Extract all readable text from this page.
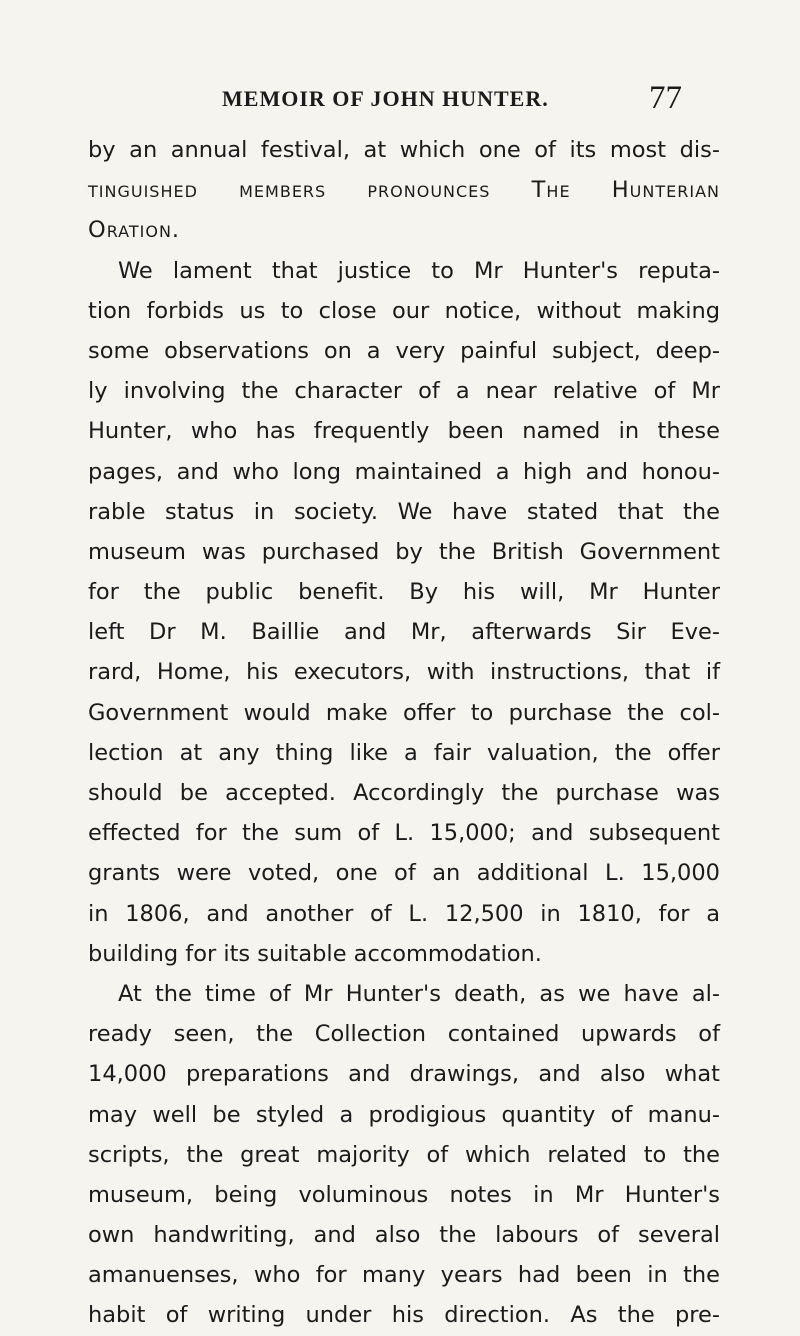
MEMOIR OF JOHN HUNTER.	77
by an annual festival, at which one of its most dis-
tinguished members pronounces The Hunterian
Oration.
We lament that justice to Mr Hunter's reputa-
tion forbids us to close our notice, without making
some observations on a very painful subject, deep-
ly involving the character of a near relative of Mr
Hunter, who has frequently been named in these
pages, and who long maintained a high and honou-
rable status in society. We have stated that the
museum was purchased by the British Government
for the public benefit. By his will, Mr Hunter
left Dr M. Baillie and Mr, afterwards Sir Eve-
rard, Home, his executors, with instructions, that if
Government would make offer to purchase the col-
lection at any thing like a fair valuation, the offer
should be accepted. Accordingly the purchase was
effected for the sum of L. 15,000; and subsequent
grants were voted, one of an additional L. 15,000
in 1806, and another of L. 12,500 in 1810, for a
building for its suitable accommodation.
At the time of Mr Hunter's death, as we have al-
ready seen, the Collection contained upwards of
14,000 preparations and drawings, and also what
may well be styled a prodigious quantity of manu-
scripts, the great majority of which related to the
museum, being voluminous notes in Mr Hunter's
own handwriting, and also the labours of several
amanuenses, who for many years had been in the
habit of writing under his direction. As the pre-
